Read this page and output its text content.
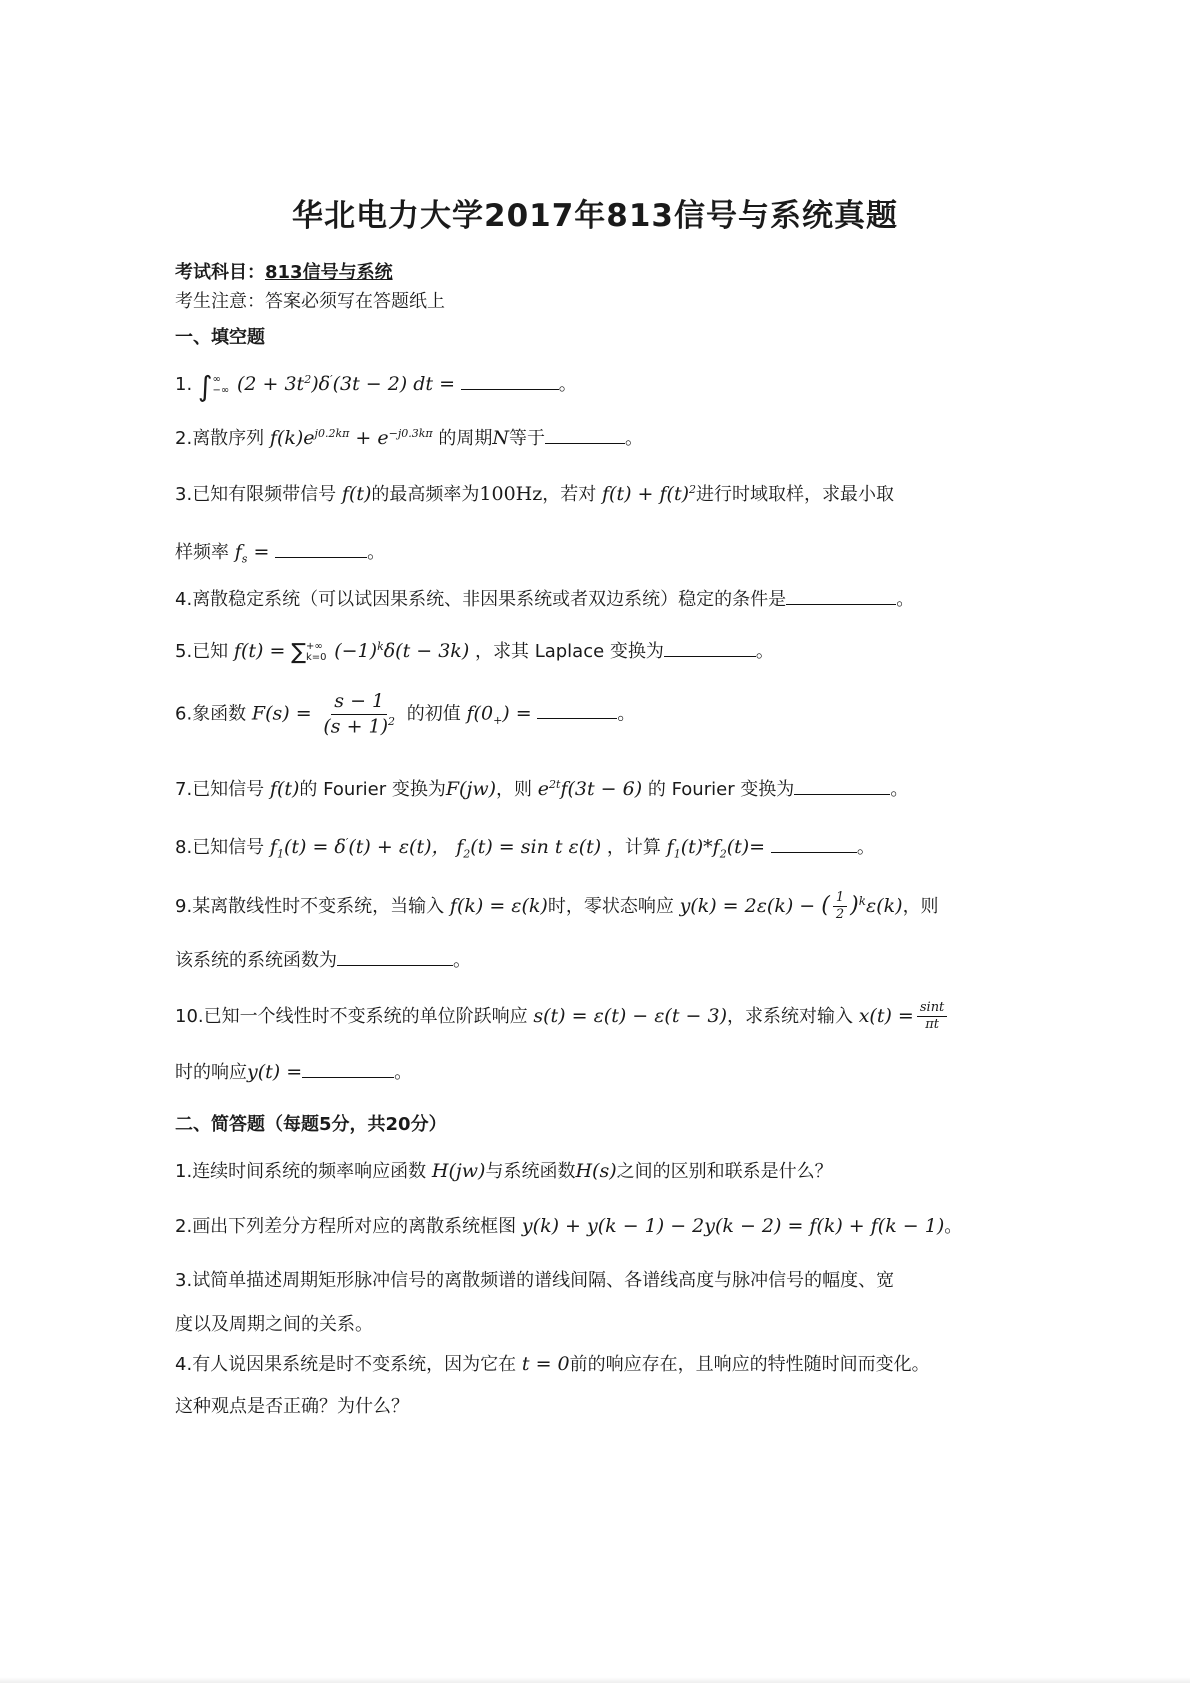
华北电力大学2017年813信号与系统真题
考试科目：813信号与系统
考生注意：答案必须写在答题纸上
一、填空题
1. ∫ ∞
−∞ $(2 + 3t^2)\delta'(3t - 2)$ dt =	。
2.离散序列 $f(k)e^{j0.2k\pi} + e^{-j0.3k\pi}$ 的周期N等于	。
3.已知有限频带信号 f(t)的最高频率为100Hz，若对 $f(t) + f(t)^2$进行时域取样，求最小取
样频率 $f_s$ =	。
4.离散稳定系统（可以试因果系统、非因果系统或者双边系统）稳定的条件是	。
5.已知 f(t) = ∑ +∞
k=0 $(-1)^k\delta(t - 3k)$ ，求其 Laplace 变换为	。
6.象函数 $F(s) = \frac{s - 1}{(s + 1)^2}$ 的初值 $f(0_+)$ =	。
7.已知信号 f(t)的 Fourier 变换为F(jw)，则 $e^{2t}f(3t - 6)$ 的 Fourier 变换为	。
8.已知信号 $f_1(t) = \delta'(t) + \varepsilon(t)$， $f_2(t) = \sin t$ ε(t) ，计算 $f_1(t)*f_2(t)=$	。
9.某离散线性时不变系统，当输入 f(k) = ε(k)时，零状态响应 y(k) = 2ε(k) − ( $\frac{1}{2} )^k\varepsilon(k)$，则
该系统的系统函数为	。
10.已知一个线性时不变系统的单位阶跃响应 s(t) = ε(t) − ε(t − 3)，求系统对输入 $x(t) = \frac{\sin t}{\pi t}$
时的响应y(t) =	。
二、简答题（每题5分，共20分）
1.连续时间系统的频率响应函数 H(jw)与系统函数H(s)之间的区别和联系是什么？
2.画出下列差分方程所对应的离散系统框图 y(k) + y(k − 1) − 2y(k − 2) = f(k) + f(k − 1)。
3.试简单描述周期矩形脉冲信号的离散频谱的谱线间隔、各谱线高度与脉冲信号的幅度、宽
度以及周期之间的关系。
4.有人说因果系统是时不变系统，因为它在 t = 0前的响应存在，且响应的特性随时间而变化。
这种观点是否正确？为什么？
